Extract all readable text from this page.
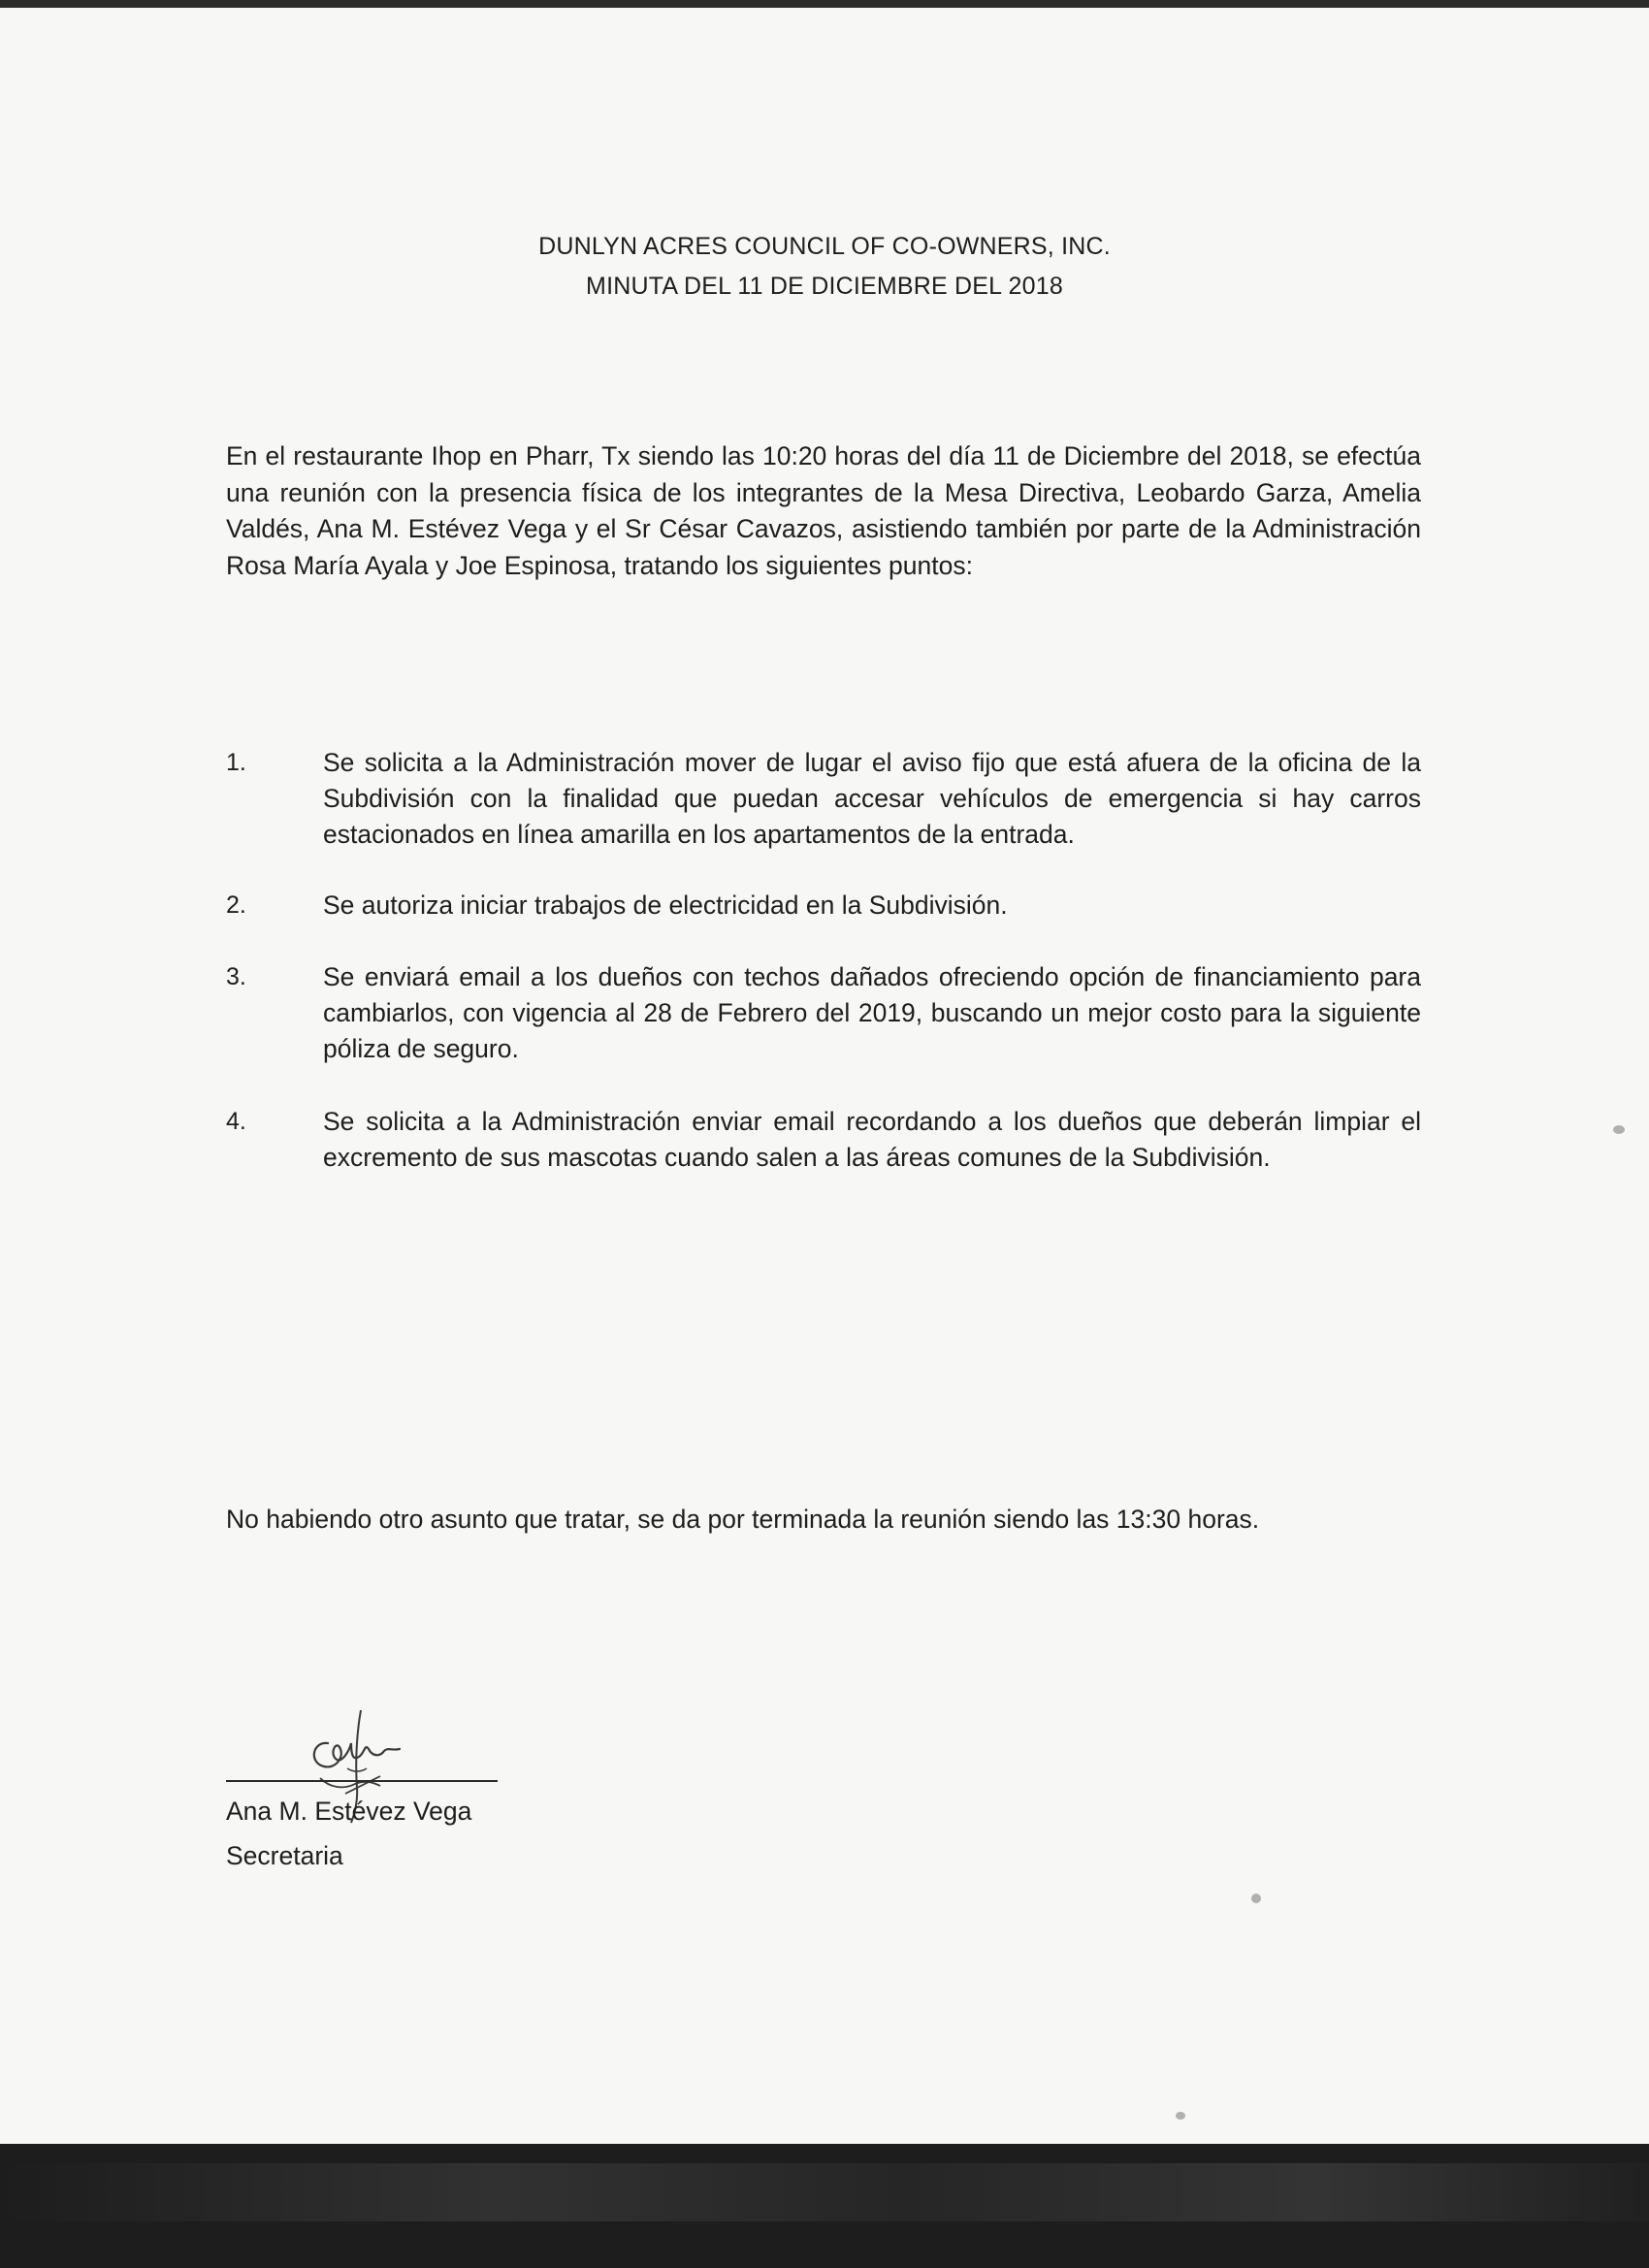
DUNLYN ACRES COUNCIL OF CO-OWNERS, INC.
MINUTA DEL 11 DE DICIEMBRE DEL 2018
En el restaurante Ihop en Pharr, Tx siendo las 10:20 horas del día 11 de Diciembre del 2018, se efectúa una reunión con la presencia física de los integrantes de la Mesa Directiva, Leobardo Garza, Amelia Valdés, Ana M. Estévez Vega y el Sr César Cavazos, asistiendo también por parte de la Administración Rosa María Ayala y Joe Espinosa, tratando los siguientes puntos:
1.	Se solicita a la Administración mover de lugar el aviso fijo que está afuera de la oficina de la Subdivisión con la finalidad que puedan accesar vehículos de emergencia si hay carros estacionados en línea amarilla en los apartamentos de la entrada.
2.	Se autoriza iniciar trabajos de electricidad en la Subdivisión.
3.	Se enviará email a los dueños con techos dañados ofreciendo opción de financiamiento para cambiarlos, con vigencia al 28 de Febrero del 2019, buscando un mejor costo para la siguiente póliza de seguro.
4.	Se solicita a la Administración enviar email recordando a los dueños que deberán limpiar el excremento de sus mascotas cuando salen a las áreas comunes de la Subdivisión.
No habiendo otro asunto que tratar, se da por terminada la reunión siendo las 13:30 horas.
Ana M. Estévez Vega
Secretaria
